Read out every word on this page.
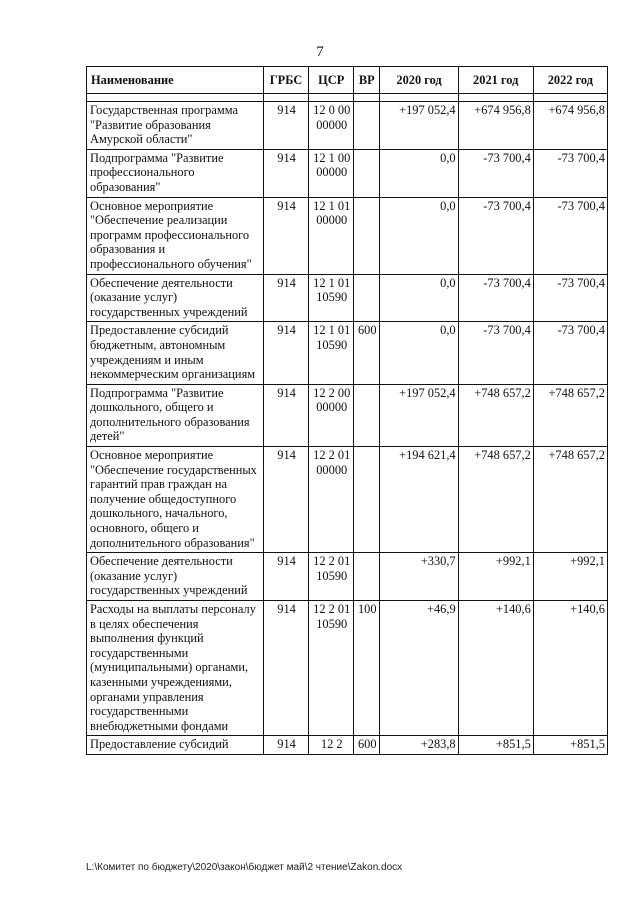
7
Наименование	ГРБС	ЦСР	ВР	2020 год	2021 год	2022 год

Государственная программа "Развитие образования Амурской области"	914	12 0 00 00000		+197 052,4	+674 956,8	+674 956,8
Подпрограмма "Развитие профессионального образования"	914	12 1 00 00000		0,0	-73 700,4	-73 700,4
Основное мероприятие "Обеспечение реализации программ профессионального образования и профессионального обучения"	914	12 1 01 00000		0,0	-73 700,4	-73 700,4
Обеспечение деятельности (оказание услуг) государственных учреждений	914	12 1 01 10590		0,0	-73 700,4	-73 700,4
Предоставление субсидий бюджетным, автономным учреждениям и иным некоммерческим организациям	914	12 1 01 10590	600	0,0	-73 700,4	-73 700,4
Подпрограмма "Развитие дошкольного, общего и дополнительного образования детей"	914	12 2 00 00000		+197 052,4	+748 657,2	+748 657,2
Основное мероприятие "Обеспечение государственных гарантий прав граждан на получение общедоступного дошкольного, начального, основного, общего и дополнительного образования"	914	12 2 01 00000		+194 621,4	+748 657,2	+748 657,2
Обеспечение деятельности (оказание услуг) государственных учреждений	914	12 2 01 10590		+330,7	+992,1	+992,1
Расходы на выплаты персоналу в целях обеспечения выполнения функций государственными (муниципальными) органами, казенными учреждениями, органами управления государственными внебюджетными фондами	914	12 2 01 10590	100	+46,9	+140,6	+140,6
Предоставление субсидий	914	12 2	600	+283,8	+851,5	+851,5
L:\Комитет по бюджету\2020\закон\бюджет май\2 чтение\Zakon.docx
